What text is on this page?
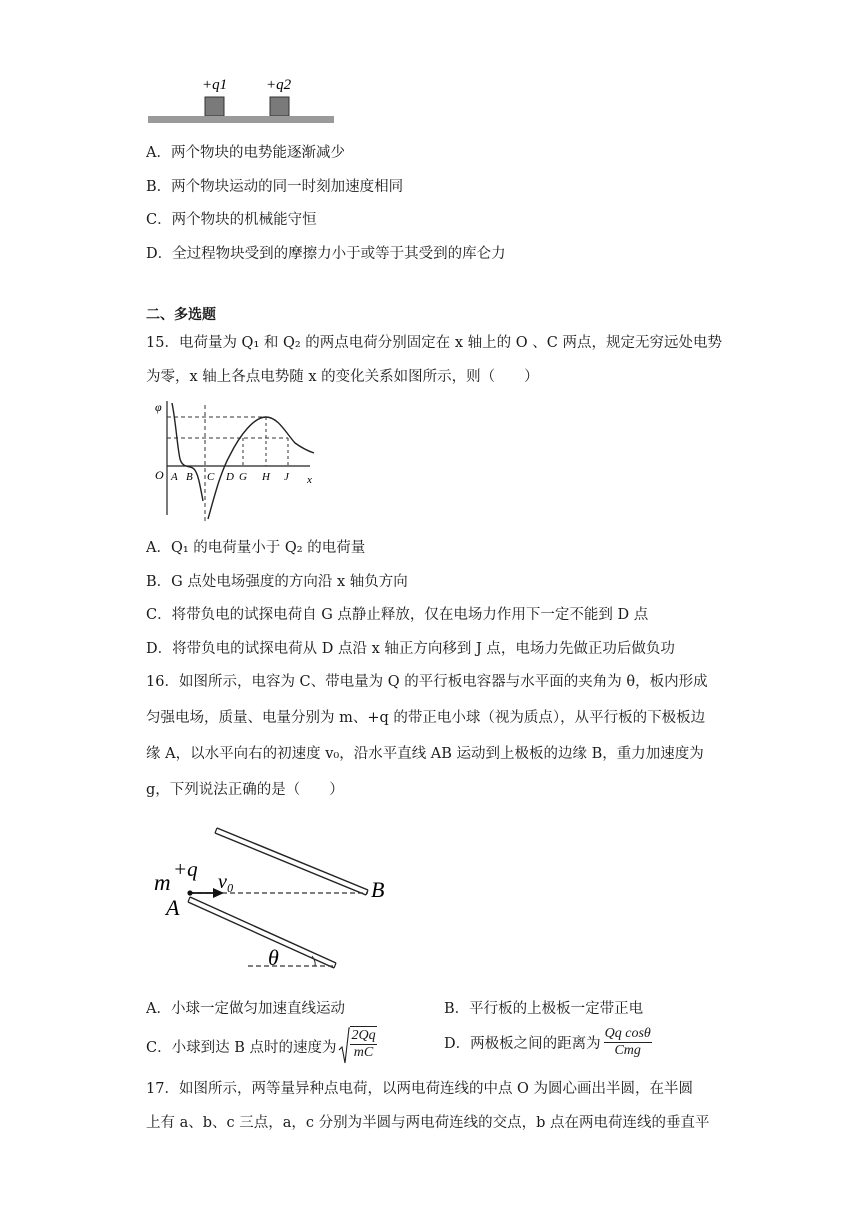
+q1	+q2
A．两个物块的电势能逐渐减少
B．两个物块运动的同一时刻加速度相同
C．两个物块的机械能守恒
D．全过程物块受到的摩擦力小于或等于其受到的库仑力
二、多选题
15．电荷量为 Q₁ 和 Q₂ 的两点电荷分别固定在 x 轴上的 O 、C 两点，规定无穷远处电势
为零，x 轴上各点电势随 x 的变化关系如图所示，则（　　）
φ
O	x
A B C D G H J
A．Q₁ 的电荷量小于 Q₂ 的电荷量
B．G 点处电场强度的方向沿 x 轴负方向
C．将带负电的试探电荷自 G 点静止释放，仅在电场力作用下一定不能到 D 点
D．将带负电的试探电荷从 D 点沿 x 轴正方向移到 J 点，电场力先做正功后做负功
16．如图所示，电容为 C、带电量为 Q 的平行板电容器与水平面的夹角为 θ，板内形成
匀强电场，质量、电量分别为 m、+q 的带正电小球（视为质点），从平行板的下极板边
缘 A，以水平向右的初速度 v₀，沿水平直线 AB 运动到上极板的边缘 B，重力加速度为
g，下列说法正确的是（　　）
m
+q
v₀
A
B
θ
A．小球一定做匀加速直线运动	B．平行板的上极板一定带正电
C．小球到达 B 点时的速度为 $\frac{2Qq}{mC}$	D．两极板之间的距离为 $\frac{\text{Qq cosθ}}{\text{Cmg}}$
17．如图所示，两等量异种点电荷，以两电荷连线的中点 O 为圆心画出半圆，在半圆
上有 a、b、c 三点，a，c 分别为半圆与两电荷连线的交点，b 点在两电荷连线的垂直平
